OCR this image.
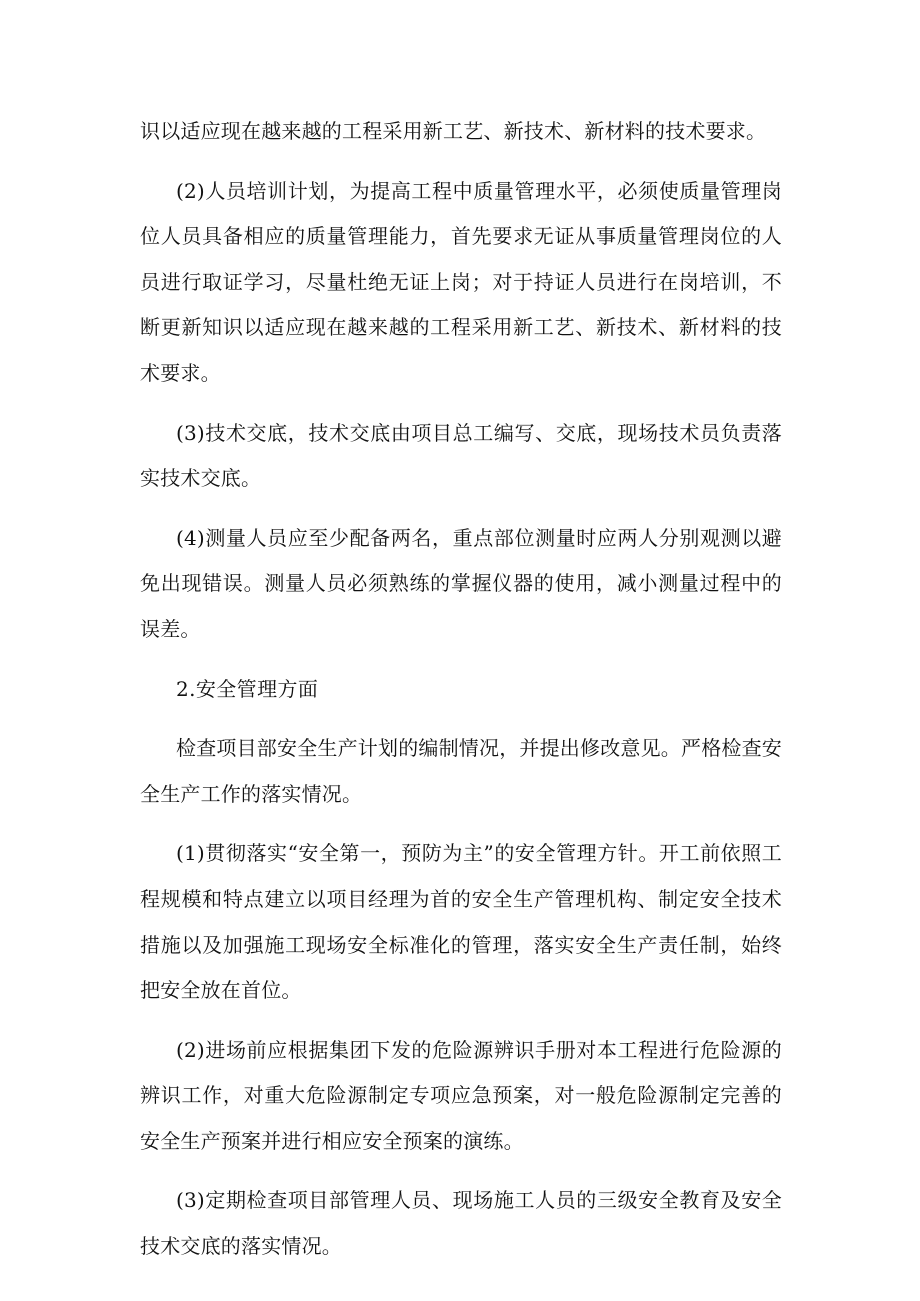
识以适应现在越来越的工程采用新工艺、新技术、新材料的技术要求。

(2)人员培训计划，为提高工程中质量管理水平，必须使质量管理岗位人员具备相应的质量管理能力，首先要求无证从事质量管理岗位的人员进行取证学习，尽量杜绝无证上岗；对于持证人员进行在岗培训，不断更新知识以适应现在越来越的工程采用新工艺、新技术、新材料的技术要求。

(3)技术交底，技术交底由项目总工编写、交底，现场技术员负责落实技术交底。

(4)测量人员应至少配备两名，重点部位测量时应两人分别观测以避免出现错误。测量人员必须熟练的掌握仪器的使用，减小测量过程中的误差。

2.安全管理方面

检查项目部安全生产计划的编制情况，并提出修改意见。严格检查安全生产工作的落实情况。

(1)贯彻落实“安全第一，预防为主”的安全管理方针。开工前依照工程规模和特点建立以项目经理为首的安全生产管理机构、制定安全技术措施以及加强施工现场安全标准化的管理，落实安全生产责任制，始终把安全放在首位。

(2)进场前应根据集团下发的危险源辨识手册对本工程进行危险源的辨识工作，对重大危险源制定专项应急预案，对一般危险源制定完善的安全生产预案并进行相应安全预案的演练。

(3)定期检查项目部管理人员、现场施工人员的三级安全教育及安全技术交底的落实情况。
